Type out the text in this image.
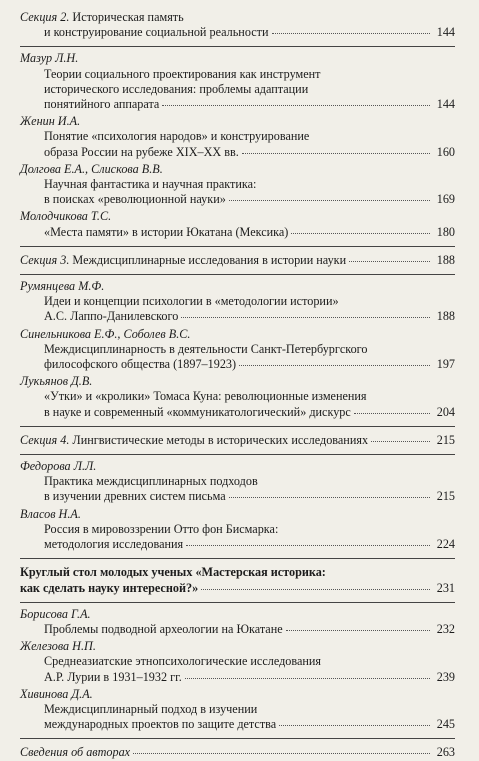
Секция 2. Историческая память
и конструирование социальной реальности	144
Мазур Л.Н.
Теории социального проектирования как инструмент
исторического исследования: проблемы адаптации
понятийного аппарата	144
Женин И.А.
Понятие «психология народов» и конструирование
образа России на рубеже XIX–XX вв.	160
Долгова Е.А., Слискова В.В.
Научная фантастика и научная практика:
в поисках «революционной науки»	169
Молодчикова Т.С.
«Места памяти» в истории Юкатана (Мексика)	180
Секция 3. Междисциплинарные исследования в истории науки	188
Румянцева М.Ф.
Идеи и концепции психологии в «методологии истории»
А.С. Лаппо-Данилевского	188
Синельникова Е.Ф., Соболев В.С.
Междисциплинарность в деятельности Санкт-Петербургского
философского общества (1897–1923)	197
Лукьянов Д.В.
«Утки» и «кролики» Томаса Куна: революционные изменения
в науке и современный «коммуникатологический» дискурс	204
Секция 4. Лингвистические методы в исторических исследованиях	215
Федорова Л.Л.
Практика междисциплинарных подходов
в изучении древних систем письма	215
Власов Н.А.
Россия в мировоззрении Отто фон Бисмарка:
методология исследования	224
Круглый стол молодых ученых «Мастерская историка:
как сделать науку интересной?»	231
Борисова Г.А.
Проблемы подводной археологии на Юкатане	232
Железова Н.П.
Среднеазиатские этнопсихологические исследования
А.Р. Лурии в 1931–1932 гг.	239
Хивинова Д.А.
Междисциплинарный подход в изучении
международных проектов по защите детства	245
Сведения об авторах	263
